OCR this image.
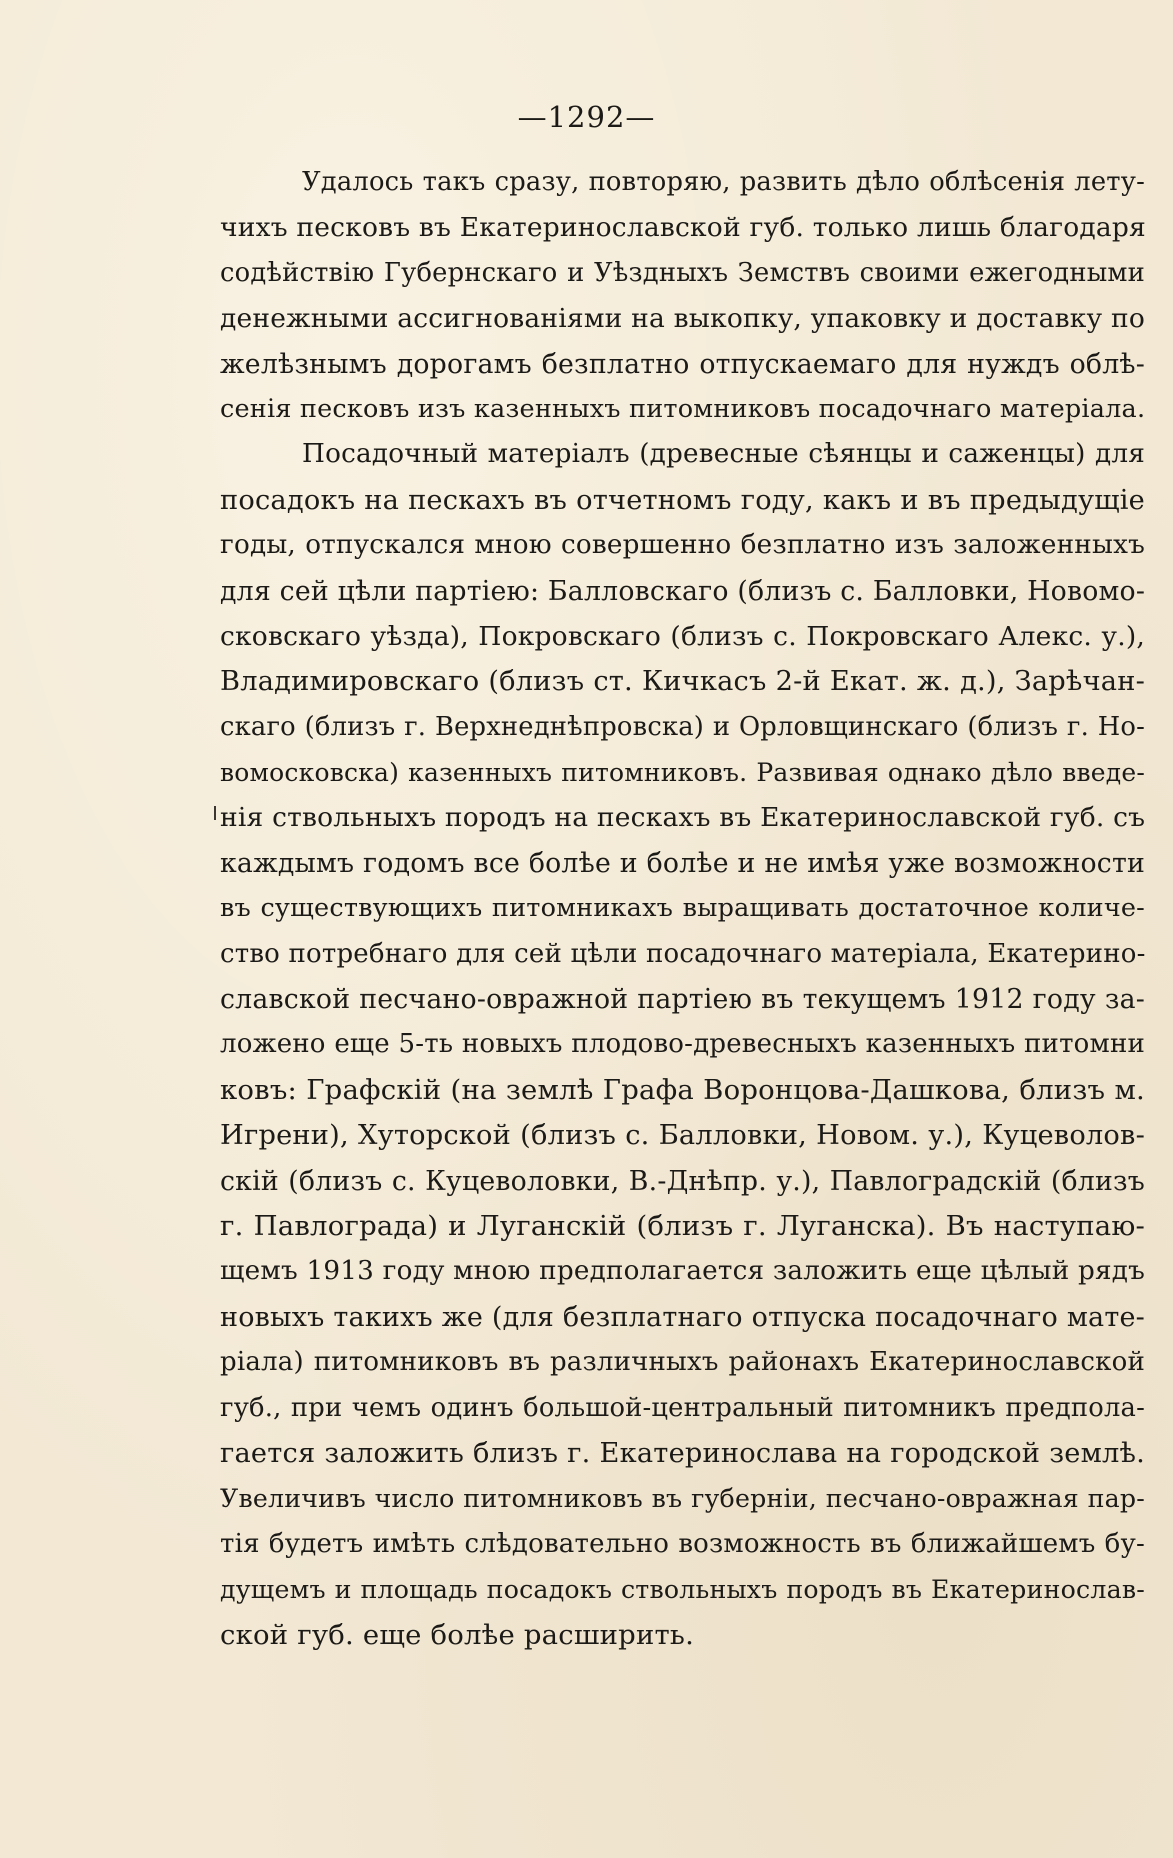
—1292—
Удалось такъ сразу, повторяю, развить дѣло облѣсенія лету-
чихъ песковъ въ Екатеринославской губ. только лишь благодаря
содѣйствію Губернскаго и Уѣздныхъ Земствъ своими ежегодными
денежными ассигнованіями на выкопку, упаковку и доставку по
желѣзнымъ дорогамъ безплатно отпускаемаго для нуждъ облѣ-
сенія песковъ изъ казенныхъ питомниковъ посадочнаго матеріала.
Посадочный матеріалъ (древесные сѣянцы и саженцы) для
посадокъ на пескахъ въ отчетномъ году, какъ и въ предыдущіе
годы, отпускался мною совершенно безплатно изъ заложенныхъ
для сей цѣли партіею: Балловскаго (близъ с. Балловки, Новомо-
сковскаго уѣзда), Покровскаго (близъ с. Покровскаго Алекс. у.),
Владимировскаго (близъ ст. Кичкасъ 2-й Екат. ж. д.), Зарѣчан-
скаго (близъ г. Верхнеднѣпровска) и Орловщинскаго (близъ г. Но-
вомосковска) казенныхъ питомниковъ. Развивая однако дѣло введе-
нія ствольныхъ породъ на пескахъ въ Екатеринославской губ. съ
каждымъ годомъ все болѣе и болѣе и не имѣя уже возможности
въ существующихъ питомникахъ выращивать достаточное количе-
ство потребнаго для сей цѣли посадочнаго матеріала, Екатерино-
славской песчано-овражной партіею въ текущемъ 1912 году за-
ложено еще 5-ть новыхъ плодово-древесныхъ казенныхъ питомни
ковъ: Графскій (на землѣ Графа Воронцова-Дашкова, близъ м.
Игрени), Хуторской (близъ с. Балловки, Новом. у.), Куцеволов-
скій (близъ с. Куцеволовки, В.-Днѣпр. у.), Павлоградскій (близъ
г. Павлограда) и Луганскій (близъ г. Луганска). Въ наступаю-
щемъ 1913 году мною предполагается заложить еще цѣлый рядъ
новыхъ такихъ же (для безплатнаго отпуска посадочнаго мате-
ріала) питомниковъ въ различныхъ районахъ Екатеринославской
губ., при чемъ одинъ большой-центральный питомникъ предпола-
гается заложить близъ г. Екатеринослава на городской землѣ.
Увеличивъ число питомниковъ въ губерніи, песчано-овражная пар-
тія будетъ имѣть слѣдовательно возможность въ ближайшемъ бу-
дущемъ и площадь посадокъ ствольныхъ породъ въ Екатеринослав-
ской губ. еще болѣе расширить.
